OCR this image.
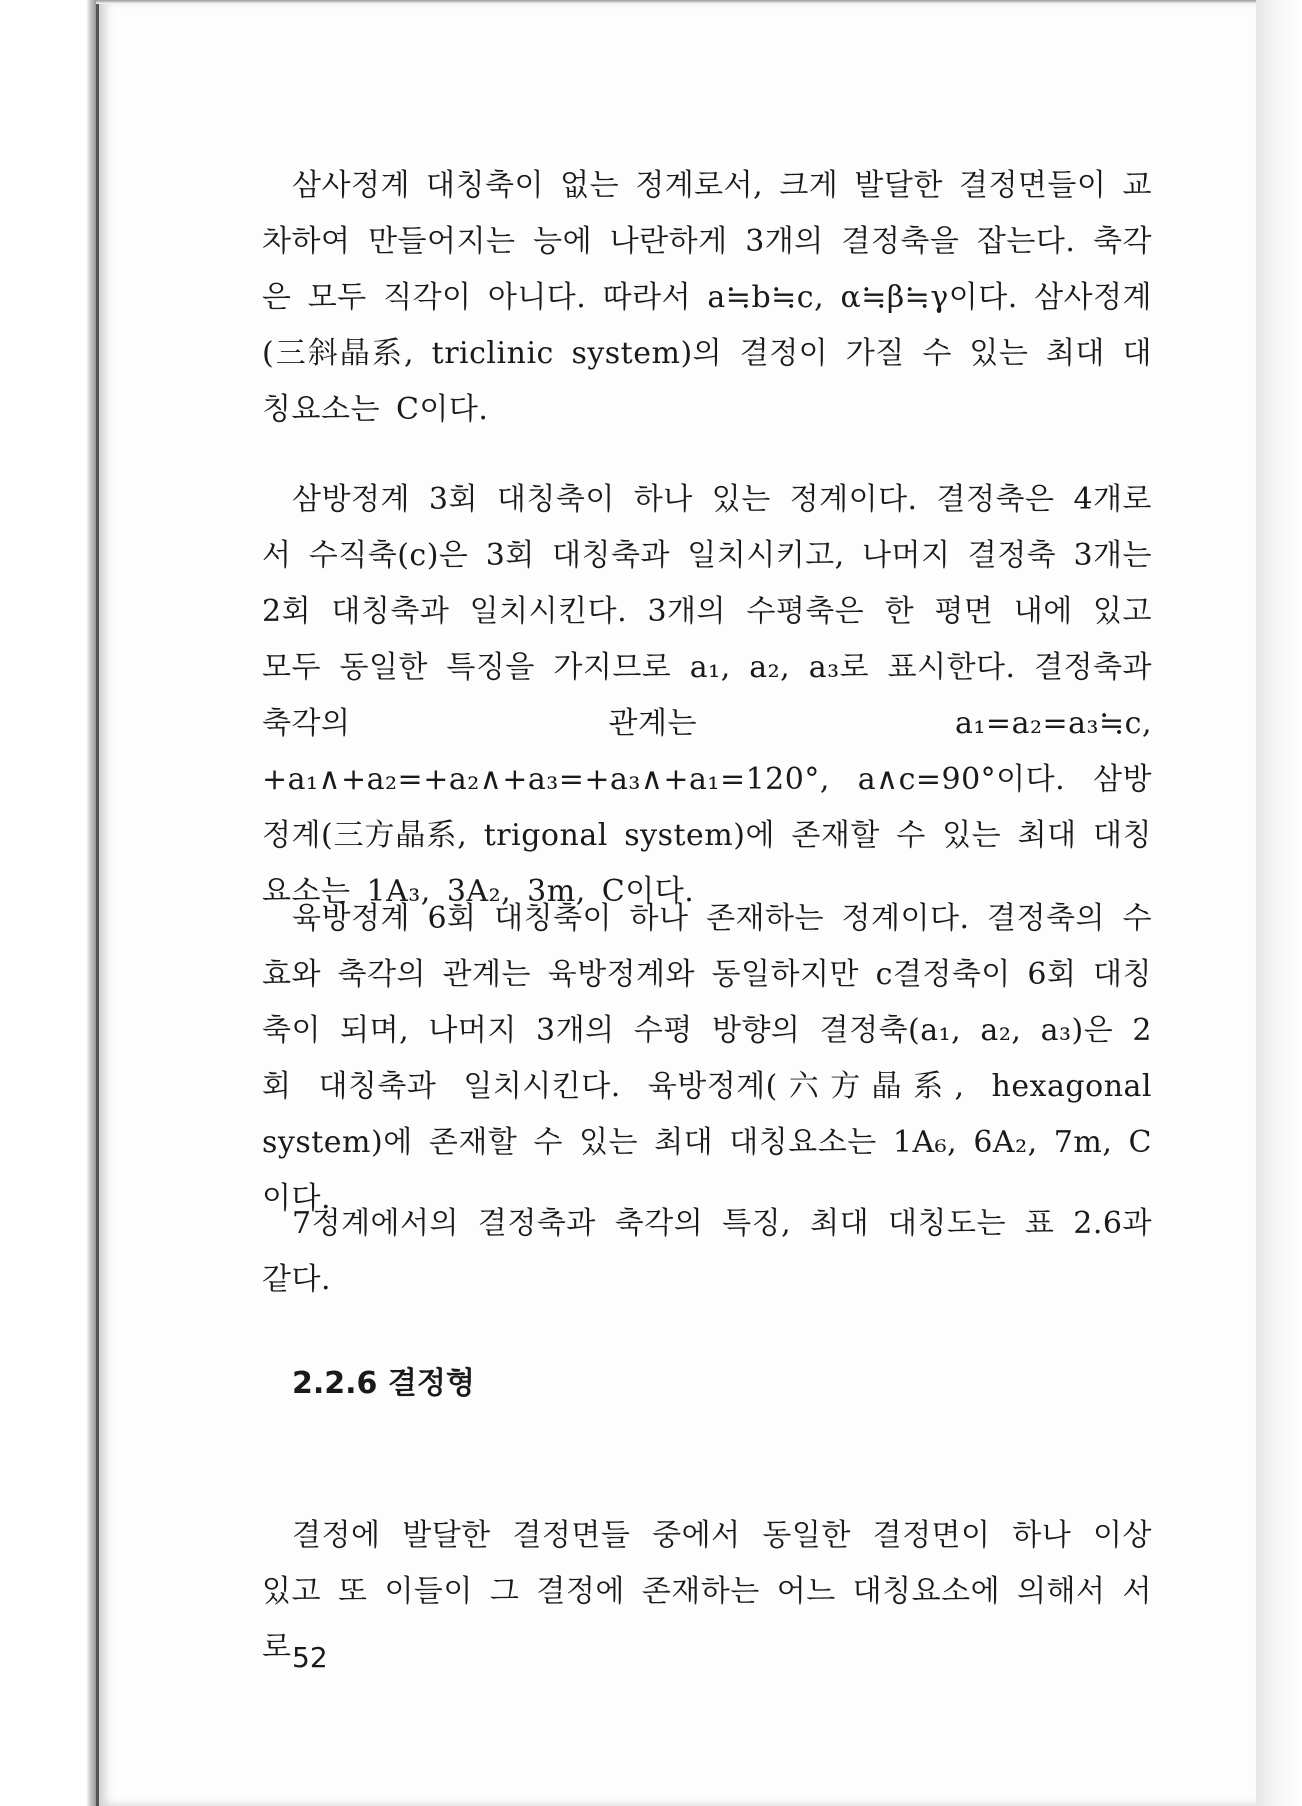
삼사정계 대칭축이 없는 정계로서, 크게 발달한 결정면들이 교차하여 만들어지는 능에 나란하게 3개의 결정축을 잡는다. 축각은 모두 직각이 아니다. 따라서 a≒b≒c, α≒β≒γ이다. 삼사정계(三斜晶系, triclinic system)의 결정이 가질 수 있는 최대 대칭요소는 C이다.

삼방정계 3회 대칭축이 하나 있는 정계이다. 결정축은 4개로서 수직축(c)은 3회 대칭축과 일치시키고, 나머지 결정축 3개는 2회 대칭축과 일치시킨다. 3개의 수평축은 한 평면 내에 있고 모두 동일한 특징을 가지므로 a₁, a₂, a₃로 표시한다. 결정축과 축각의 관계는 a₁=a₂=a₃≒c, +a₁∧+a₂=+a₂∧+a₃=+a₃∧+a₁=120°, a∧c=90°이다. 삼방정계(三方晶系, trigonal system)에 존재할 수 있는 최대 대칭요소는 1A₃, 3A₂, 3m, C이다.

육방정계 6회 대칭축이 하나 존재하는 정계이다. 결정축의 수효와 축각의 관계는 육방정계와 동일하지만 c결정축이 6회 대칭축이 되며, 나머지 3개의 수평 방향의 결정축(a₁, a₂, a₃)은 2회 대칭축과 일치시킨다. 육방정계(六方晶系, hexagonal system)에 존재할 수 있는 최대 대칭요소는 1A₆, 6A₂, 7m, C이다.

7정계에서의 결정축과 축각의 특징, 최대 대칭도는 표 2.6과 같다.

2.2.6 결정형

결정에 발달한 결정면들 중에서 동일한 결정면이 하나 이상 있고 또 이들이 그 결정에 존재하는 어느 대칭요소에 의해서 서로 52
